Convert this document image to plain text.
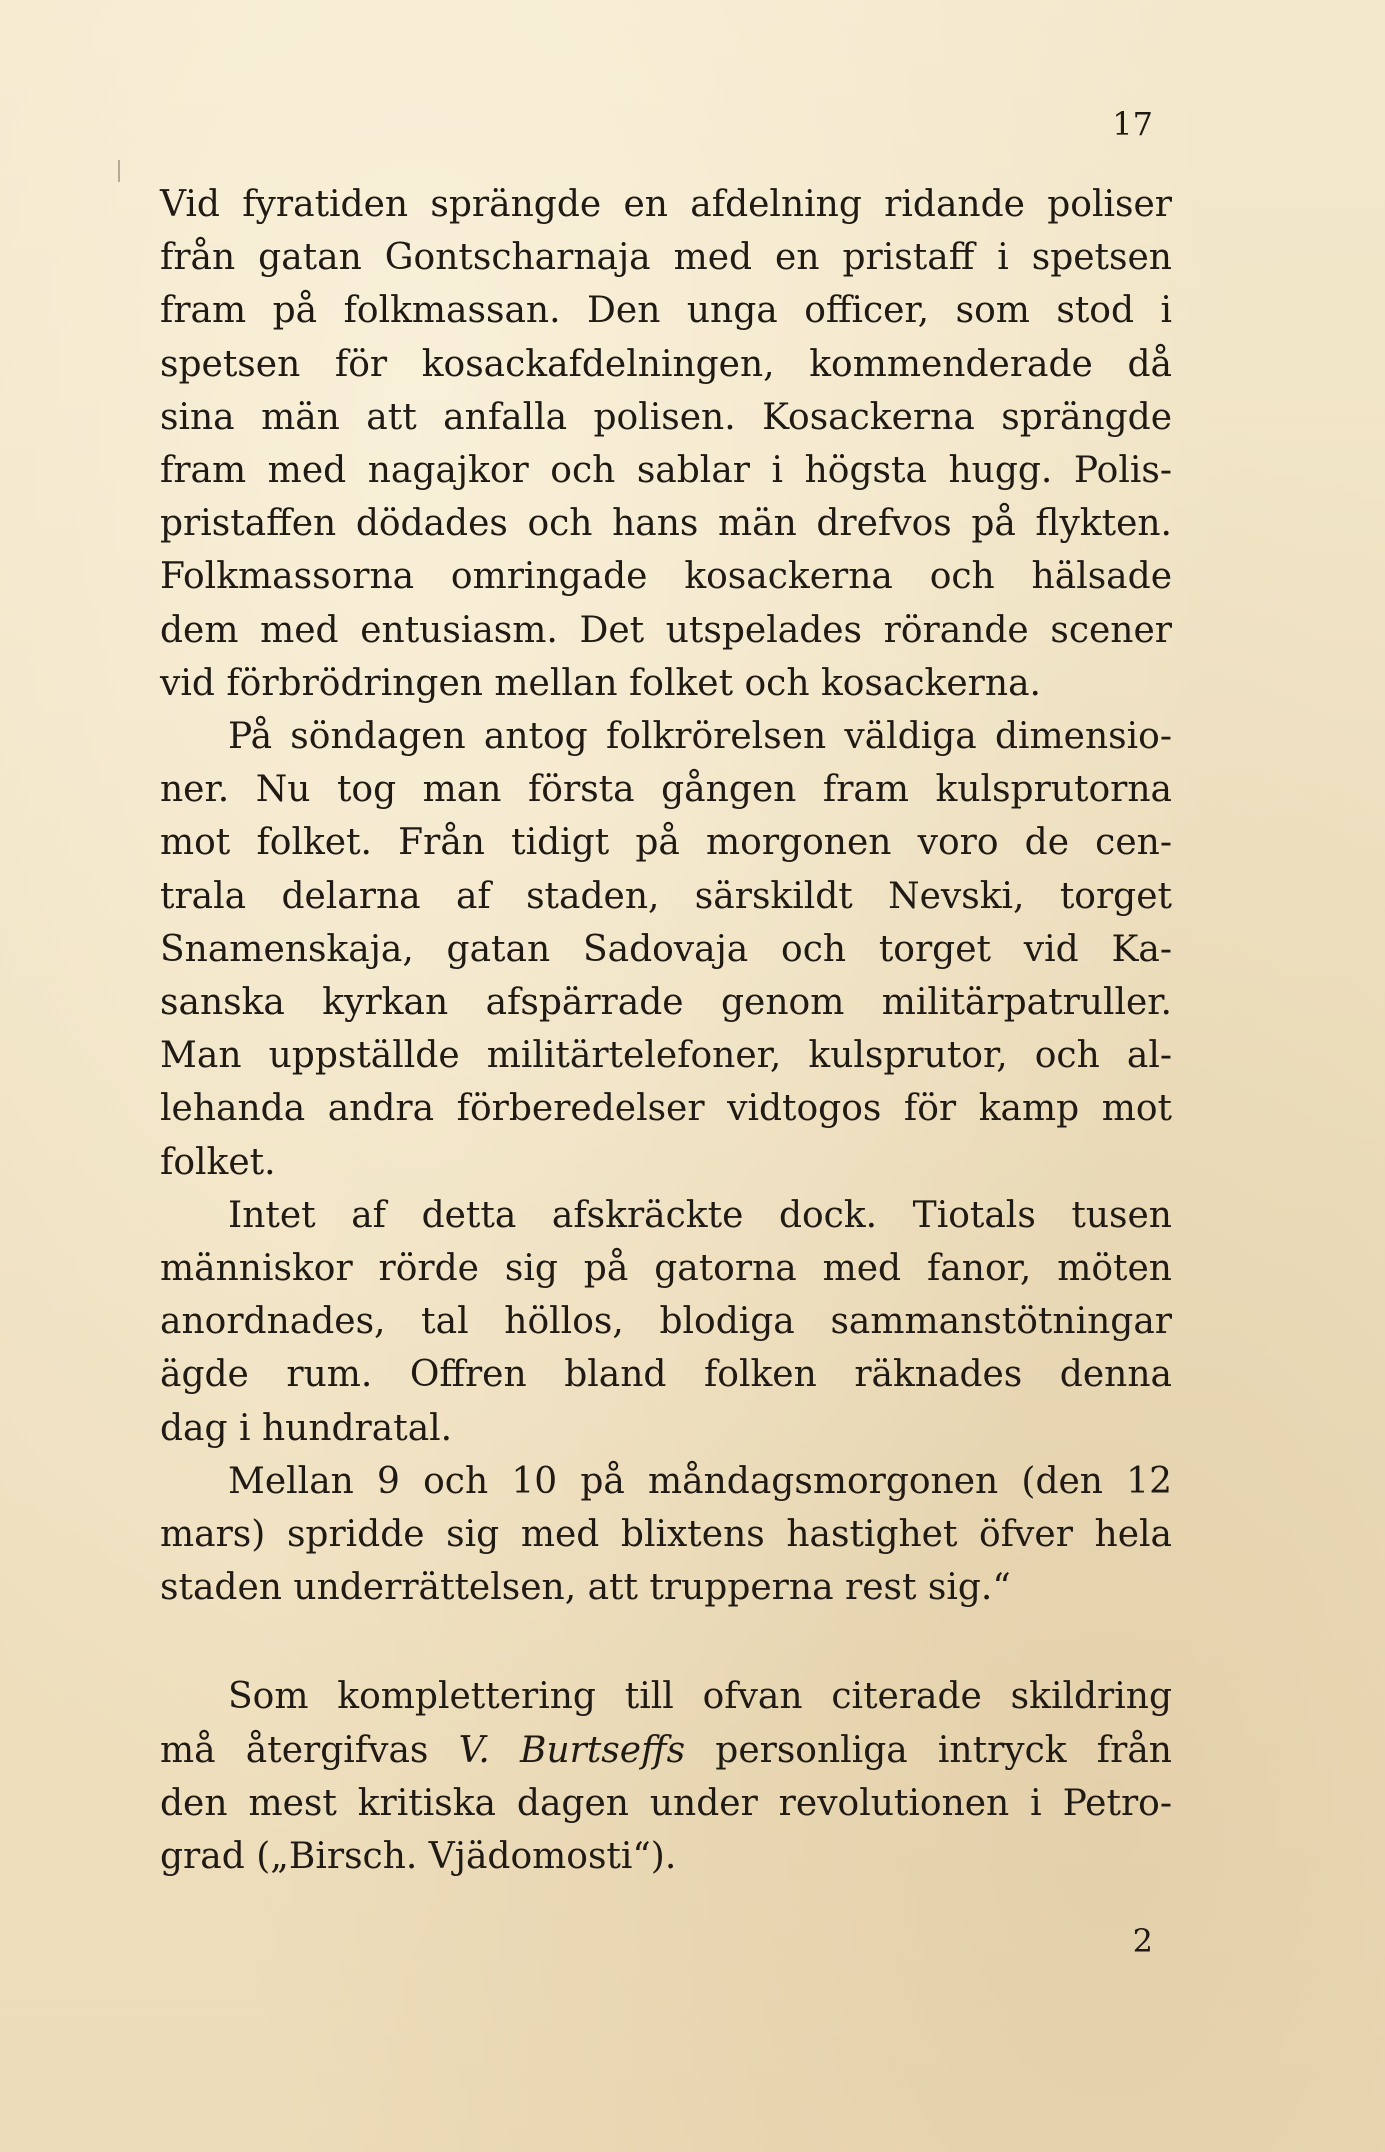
17

Vid fyratiden sprängde en afdelning ridande poliser
från gatan Gontscharnaja med en pristaff i spetsen
fram på folkmassan. Den unga officer, som stod i
spetsen för kosackafdelningen, kommenderade då
sina män att anfalla polisen. Kosackerna sprängde
fram med nagajkor och sablar i högsta hugg. Polis-
pristaffen dödades och hans män drefvos på flykten.
Folkmassorna omringade kosackerna och hälsade
dem med entusiasm. Det utspelades rörande scener
vid förbrödringen mellan folket och kosackerna.

På söndagen antog folkrörelsen väldiga dimensio-
ner. Nu tog man första gången fram kulsprutorna
mot folket. Från tidigt på morgonen voro de cen-
trala delarna af staden, särskildt Nevski, torget
Snamenskaja, gatan Sadovaja och torget vid Ka-
sanska kyrkan afspärrade genom militärpatruller.
Man uppställde militärtelefoner, kulsprutor, och al-
lehanda andra förberedelser vidtogos för kamp mot
folket.

Intet af detta afskräckte dock. Tiotals tusen
människor rörde sig på gatorna med fanor, möten
anordnades, tal höllos, blodiga sammanstötningar
ägde rum. Offren bland folken räknades denna
dag i hundratal.

Mellan 9 och 10 på måndagsmorgonen (den 12
mars) spridde sig med blixtens hastighet öfver hela
staden underrättelsen, att trupperna rest sig.“

Som komplettering till ofvan citerade skildring
må återgifvas V. Burtseffs personliga intryck från
den mest kritiska dagen under revolutionen i Petro-
grad („Birsch. Vjädomosti“).

2
